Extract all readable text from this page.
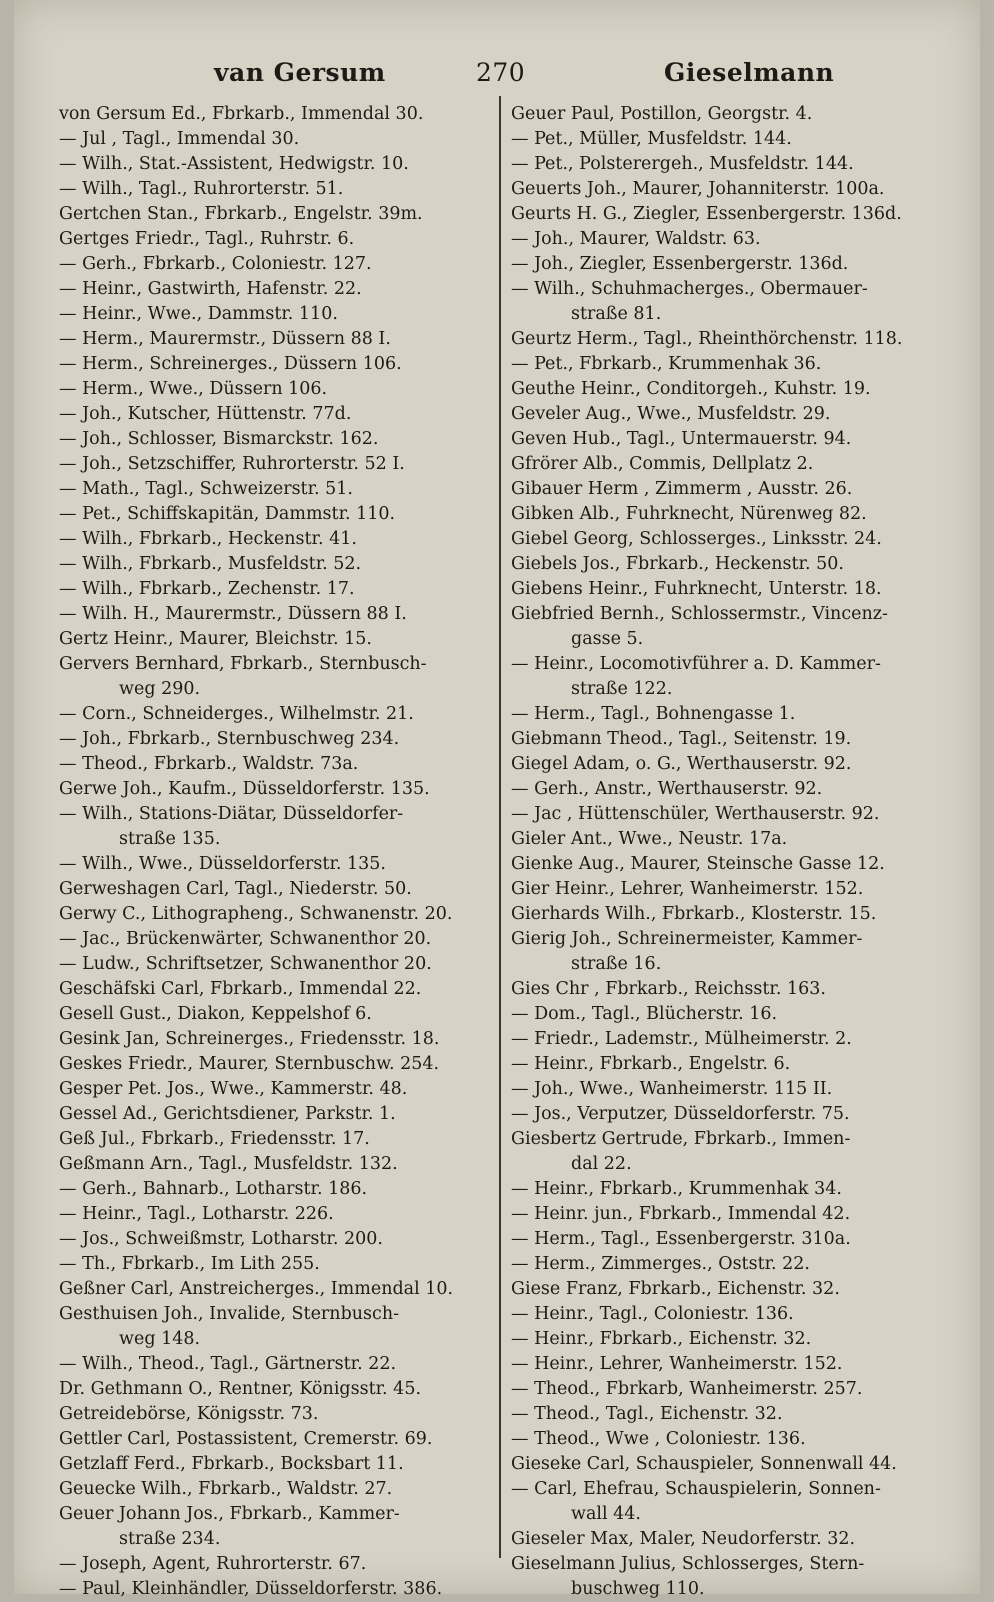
van Gersum	270	Gieselmann
von Gersum Ed., Fbrkarb., Immendal 30.
— Jul , Tagl., Immendal 30.
— Wilh., Stat.-Assistent, Hedwigstr. 10.
— Wilh., Tagl., Ruhrorterstr. 51.
Gertchen Stan., Fbrkarb., Engelstr. 39m.
Gertges Friedr., Tagl., Ruhrstr. 6.
— Gerh., Fbrkarb., Coloniestr. 127.
— Heinr., Gastwirth, Hafenstr. 22.
— Heinr., Wwe., Dammstr. 110.
— Herm., Maurermstr., Düssern 88 I.
— Herm., Schreinerges., Düssern 106.
— Herm., Wwe., Düssern 106.
— Joh., Kutscher, Hüttenstr. 77d.
— Joh., Schlosser, Bismarckstr. 162.
— Joh., Setzschiffer, Ruhrorterstr. 52 I.
— Math., Tagl., Schweizerstr. 51.
— Pet., Schiffskapitän, Dammstr. 110.
— Wilh., Fbrkarb., Heckenstr. 41.
— Wilh., Fbrkarb., Musfeldstr. 52.
— Wilh., Fbrkarb., Zechenstr. 17.
— Wilh. H., Maurermstr., Düssern 88 I.
Gertz Heinr., Maurer, Bleichstr. 15.
Gervers Bernhard, Fbrkarb., Sternbusch-
weg 290.
— Corn., Schneiderges., Wilhelmstr. 21.
— Joh., Fbrkarb., Sternbuschweg 234.
— Theod., Fbrkarb., Waldstr. 73a.
Gerwe Joh., Kaufm., Düsseldorferstr. 135.
— Wilh., Stations-Diätar, Düsseldorfer-
straße 135.
— Wilh., Wwe., Düsseldorferstr. 135.
Gerweshagen Carl, Tagl., Niederstr. 50.
Gerwy C., Lithographeng., Schwanenstr. 20.
— Jac., Brückenwärter, Schwanenthor 20.
— Ludw., Schriftsetzer, Schwanenthor 20.
Geschäfski Carl, Fbrkarb., Immendal 22.
Gesell Gust., Diakon, Keppelshof 6.
Gesink Jan, Schreinerges., Friedensstr. 18.
Geskes Friedr., Maurer, Sternbuschw. 254.
Gesper Pet. Jos., Wwe., Kammerstr. 48.
Gessel Ad., Gerichtsdiener, Parkstr. 1.
Geß Jul., Fbrkarb., Friedensstr. 17.
Geßmann Arn., Tagl., Musfeldstr. 132.
— Gerh., Bahnarb., Lotharstr. 186.
— Heinr., Tagl., Lotharstr. 226.
— Jos., Schweißmstr, Lotharstr. 200.
— Th., Fbrkarb., Im Lith 255.
Geßner Carl, Anstreicherges., Immendal 10.
Gesthuisen Joh., Invalide, Sternbusch-
weg 148.
— Wilh., Theod., Tagl., Gärtnerstr. 22.
Dr. Gethmann O., Rentner, Königsstr. 45.
Getreidebörse, Königsstr. 73.
Gettler Carl, Postassistent, Cremerstr. 69.
Getzlaff Ferd., Fbrkarb., Bocksbart 11.
Geuecke Wilh., Fbrkarb., Waldstr. 27.
Geuer Johann Jos., Fbrkarb., Kammer-
straße 234.
— Joseph, Agent, Ruhrorterstr. 67.
— Paul, Kleinhändler, Düsseldorferstr. 386.
Geuer Paul, Postillon, Georgstr. 4.
— Pet., Müller, Musfeldstr. 144.
— Pet., Polsterergeh., Musfeldstr. 144.
Geuerts Joh., Maurer, Johanniterstr. 100a.
Geurts H. G., Ziegler, Essenbergerstr. 136d.
— Joh., Maurer, Waldstr. 63.
— Joh., Ziegler, Essenbergerstr. 136d.
— Wilh., Schuhmacherges., Obermauer-
straße 81.
Geurtz Herm., Tagl., Rheinthörchenstr. 118.
— Pet., Fbrkarb., Krummenhak 36.
Geuthe Heinr., Conditorgeh., Kuhstr. 19.
Geveler Aug., Wwe., Musfeldstr. 29.
Geven Hub., Tagl., Untermauerstr. 94.
Gfrörer Alb., Commis, Dellplatz 2.
Gibauer Herm , Zimmerm , Ausstr. 26.
Gibken Alb., Fuhrknecht, Nürenweg 82.
Giebel Georg, Schlosserges., Linksstr. 24.
Giebels Jos., Fbrkarb., Heckenstr. 50.
Giebens Heinr., Fuhrknecht, Unterstr. 18.
Giebfried Bernh., Schlossermstr., Vincenz-
gasse 5.
— Heinr., Locomotivführer a. D. Kammer-
straße 122.
— Herm., Tagl., Bohnengasse 1.
Giebmann Theod., Tagl., Seitenstr. 19.
Giegel Adam, o. G., Werthauserstr. 92.
— Gerh., Anstr., Werthauserstr. 92.
— Jac , Hüttenschüler, Werthauserstr. 92.
Gieler Ant., Wwe., Neustr. 17a.
Gienke Aug., Maurer, Steinsche Gasse 12.
Gier Heinr., Lehrer, Wanheimerstr. 152.
Gierhards Wilh., Fbrkarb., Klosterstr. 15.
Gierig Joh., Schreinermeister, Kammer-
straße 16.
Gies Chr , Fbrkarb., Reichsstr. 163.
— Dom., Tagl., Blücherstr. 16.
— Friedr., Lademstr., Mülheimerstr. 2.
— Heinr., Fbrkarb., Engelstr. 6.
— Joh., Wwe., Wanheimerstr. 115 II.
— Jos., Verputzer, Düsseldorferstr. 75.
Giesbertz Gertrude, Fbrkarb., Immen-
dal 22.
— Heinr., Fbrkarb., Krummenhak 34.
— Heinr. jun., Fbrkarb., Immendal 42.
— Herm., Tagl., Essenbergerstr. 310a.
— Herm., Zimmerges., Oststr. 22.
Giese Franz, Fbrkarb., Eichenstr. 32.
— Heinr., Tagl., Coloniestr. 136.
— Heinr., Fbrkarb., Eichenstr. 32.
— Heinr., Lehrer, Wanheimerstr. 152.
— Theod., Fbrkarb, Wanheimerstr. 257.
— Theod., Tagl., Eichenstr. 32.
— Theod., Wwe , Coloniestr. 136.
Gieseke Carl, Schauspieler, Sonnenwall 44.
— Carl, Ehefrau, Schauspielerin, Sonnen-
wall 44.
Gieseler Max, Maler, Neudorferstr. 32.
Gieselmann Julius, Schlosserges, Stern-
buschweg 110.
